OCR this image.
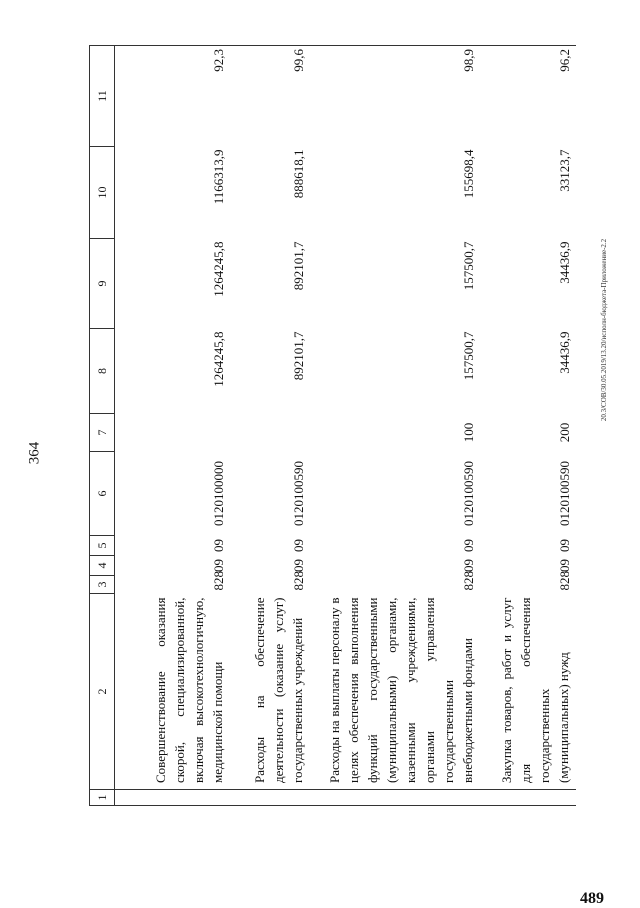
364
20.3/СОВ/30.05.2019/13.20/исполн-бюджета-Приложение-2.2
489
1	2	3	4	5	6	7	8	9	10	11
	Совершенствование оказания скорой, специализированной, включая высокотехнологичную, медицинской помощи	828	09	09	0120100000		1264245,8	1264245,8	1166313,9	92,3
	Расходы на обеспечение деятельности (оказание услуг) государственных учреждений	828	09	09	0120100590		892101,7	892101,7	888618,1	99,6
	Расходы на выплаты персоналу в целях обеспечения выполнения функций государственными (муниципальными) органами, казенными учреждениями, органами управления государственными внебюджетными фондами	828	09	09	0120100590	100	157500,7	157500,7	155698,4	98,9
	Закупка товаров, работ и услуг для обеспечения государственных (муниципальных) нужд	828	09	09	0120100590	200	34436,9	34436,9	33123,7	96,2
